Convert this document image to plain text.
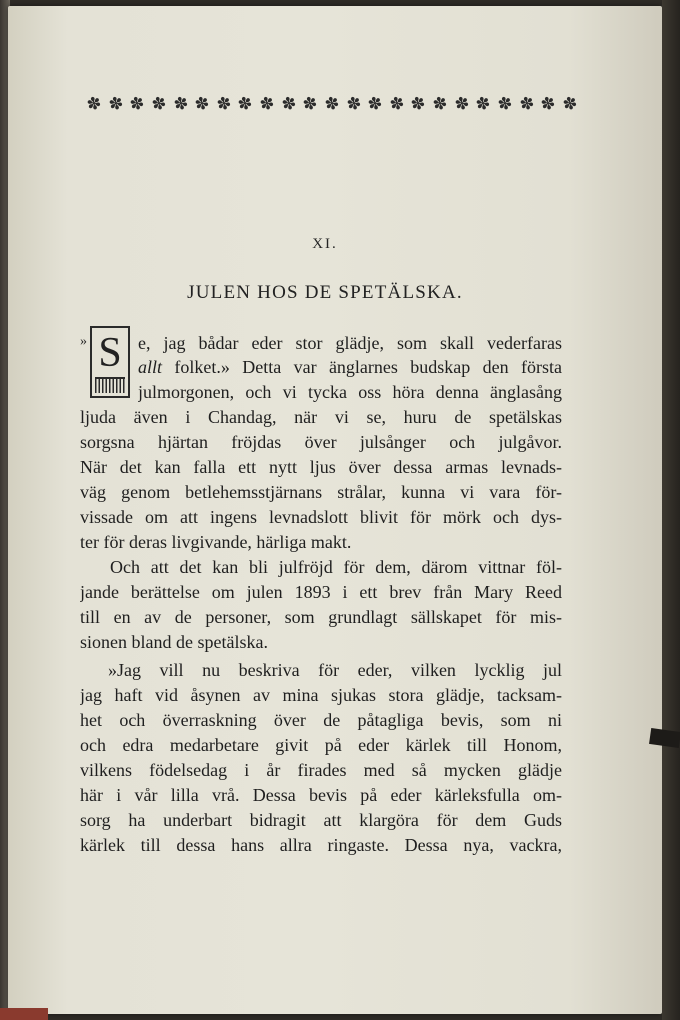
✽
✽
✽
✽
✽
✽
✽
✽
✽
✽
✽
✽
✽
✽
✽
✽
✽
✽
✽
✽
✽
✽
✽
XI.
JULEN HOS DE SPETÄLSKA.
» S e, jag bådar eder stor glädje, som skall vederfaras
allt folket.» Detta var änglarnes budskap den första
julmorgonen, och vi tycka oss höra denna änglasång
ljuda även i Chandag, när vi se, huru de spetälskas
sorgsna hjärtan fröjdas över julsånger och julgåvor.
När det kan falla ett nytt ljus över dessa armas levnads-
väg genom betlehemsstjärnans strålar, kunna vi vara för-
vissade om att ingens levnadslott blivit för mörk och dys-
ter för deras livgivande, härliga makt.
Och att det kan bli julfröjd för dem, därom vittnar föl-
jande berättelse om julen 1893 i ett brev från Mary Reed
till en av de personer, som grundlagt sällskapet för mis-
sionen bland de spetälska.
»Jag vill nu beskriva för eder, vilken lycklig jul
jag haft vid åsynen av mina sjukas stora glädje, tacksam-
het och överraskning över de påtagliga bevis, som ni
och edra medarbetare givit på eder kärlek till Honom,
vilkens födelsedag i år firades med så mycken glädje
här i vår lilla vrå. Dessa bevis på eder kärleksfulla om-
sorg ha underbart bidragit att klargöra för dem Guds
kärlek till dessa hans allra ringaste. Dessa nya, vackra,
